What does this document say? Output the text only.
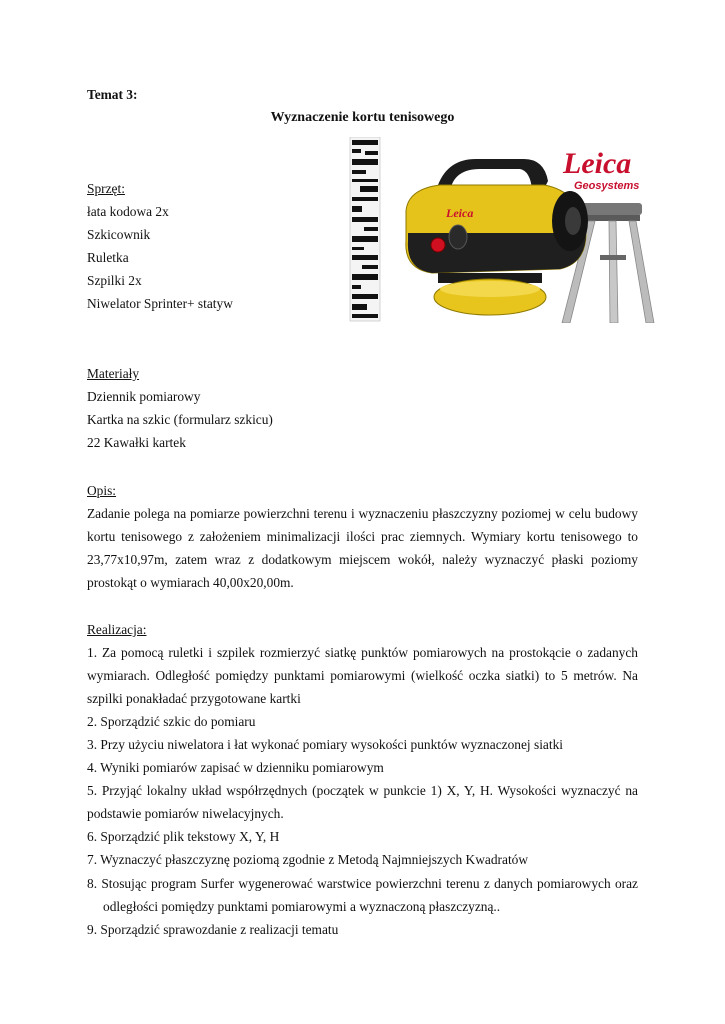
Temat 3:
Wyznaczenie kortu tenisowego
Sprzęt:
łata kodowa 2x
Szkicownik
Ruletka
Szpilki 2x
Niwelator Sprinter+ statyw
Leica
Leica
Geosystems
Materiały
Dziennik pomiarowy
Kartka na szkic (formularz szkicu)
22 Kawałki kartek
Opis:
Zadanie polega na pomiarze powierzchni terenu i wyznaczeniu płaszczyzny poziomej w celu budowy
kortu tenisowego z założeniem minimalizacji ilości prac ziemnych. Wymiary kortu tenisowego to
23,77x10,97m, zatem wraz z dodatkowym miejscem wokół, należy wyznaczyć płaski poziomy
prostokąt o wymiarach 40,00x20,00m.
Realizacja:
1. Za pomocą ruletki i szpilek rozmierzyć siatkę punktów pomiarowych na prostokącie o zadanych
wymiarach. Odległość pomiędzy punktami pomiarowymi (wielkość oczka siatki) to 5 metrów. Na
szpilki ponakładać przygotowane kartki
2. Sporządzić szkic do pomiaru
3. Przy użyciu niwelatora i łat wykonać pomiary wysokości punktów wyznaczonej siatki
4. Wyniki pomiarów zapisać w dzienniku pomiarowym
5. Przyjąć lokalny układ współrzędnych (początek w punkcie 1) X, Y, H. Wysokości wyznaczyć na
podstawie pomiarów niwelacyjnych.
6. Sporządzić plik tekstowy X, Y, H
7. Wyznaczyć płaszczyznę poziomą zgodnie z Metodą Najmniejszych Kwadratów
8. Stosując program Surfer wygenerować warstwice powierzchni terenu z danych pomiarowych oraz
odległości pomiędzy punktami pomiarowymi a wyznaczoną płaszczyzną..
9. Sporządzić sprawozdanie z realizacji tematu
